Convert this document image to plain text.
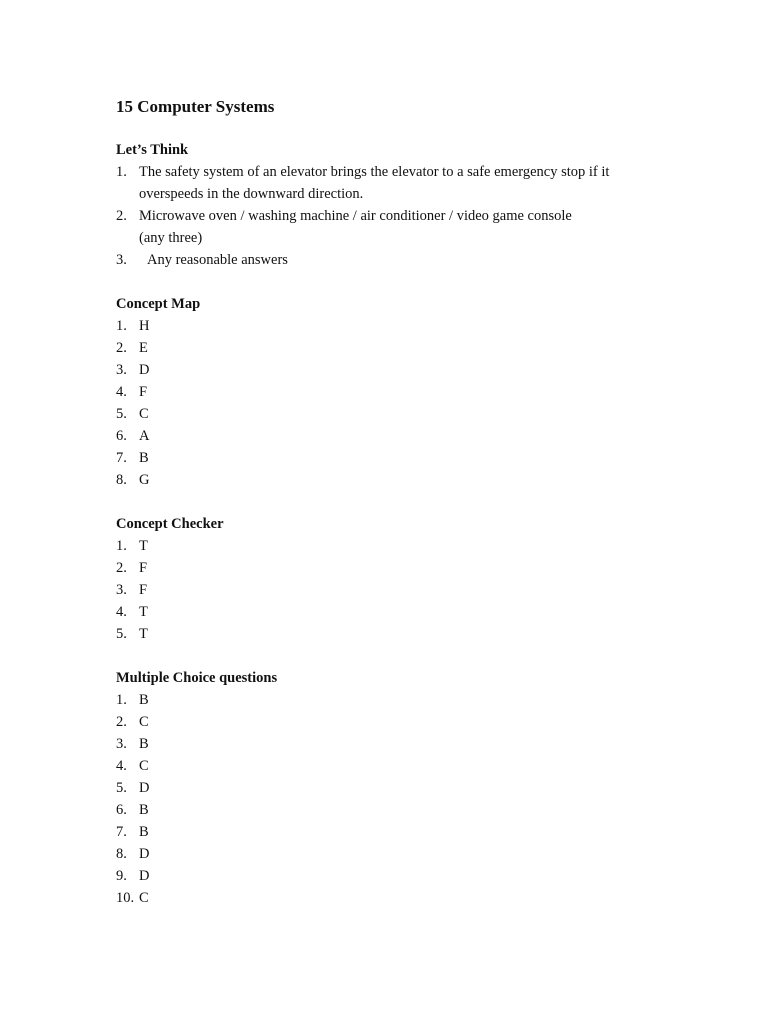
15 Computer Systems
Let’s Think
1. The safety system of an elevator brings the elevator to a safe emergency stop if it overspeeds in the downward direction.
2. Microwave oven / washing machine / air conditioner / video game console
(any three)
3.	Any reasonable answers
Concept Map
1. H
2. E
3. D
4. F
5. C
6. A
7. B
8. G
Concept Checker
1. T
2. F
3. F
4. T
5. T
Multiple Choice questions
1. B
2. C
3. B
4. C
5. D
6. B
7. B
8. D
9. D
10. C
